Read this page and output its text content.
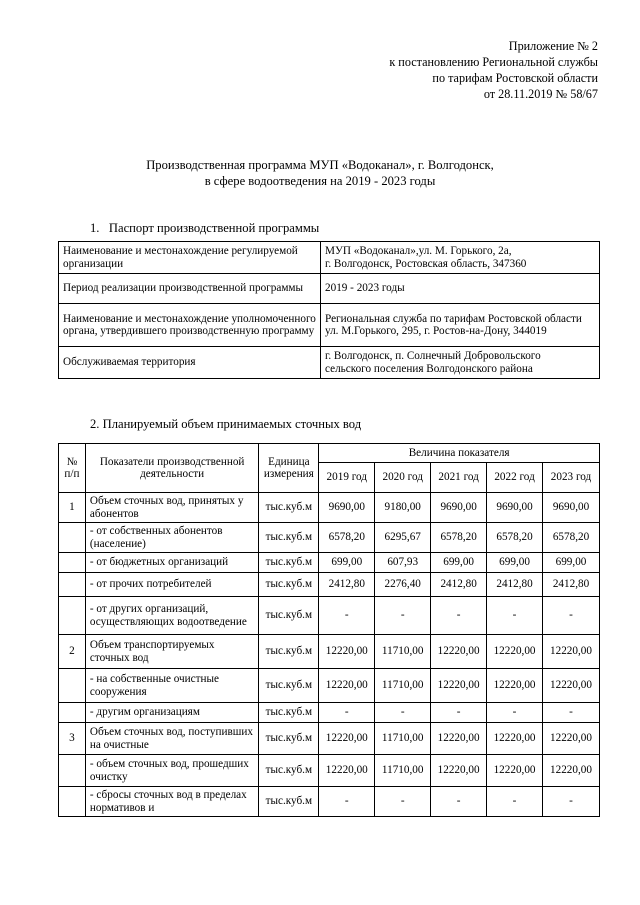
Приложение № 2
к постановлению Региональной службы
по тарифам Ростовской области
от 28.11.2019 № 58/67
Производственная программа МУП «Водоканал», г. Волгодонск,
в сфере водоотведения на 2019 - 2023 годы
1. Паспорт производственной программы
Наименование и местонахождение регулируемой организации	МУП «Водоканал»,ул. М. Горького, 2а,
г. Волгодонск, Ростовская область, 347360

Период реализации производственной программы	2019 - 2023 годы

Наименование и местонахождение уполномоченного органа, утвердившего производственную программу	Региональная служба по тарифам Ростовской области
ул. М.Горького, 295, г. Ростов-на-Дону, 344019

Обслуживаемая территория	г. Волгодонск, п. Солнечный Добровольского
сельского поселения Волгодонского района
2. Планируемый объем принимаемых сточных вод
№ п/п	Показатели производственной деятельности	Единица измерения	Величина показателя				
			2019 год	2020 год	2021 год	2022 год	2023 год
1	Объем сточных вод, принятых у абонентов	тыс.куб.м	9690,00	9180,00	9690,00	9690,00	9690,00

	- от собственных абонентов (население)	тыс.куб.м	6578,20	6295,67	6578,20	6578,20	6578,20

	- от бюджетных организаций	тыс.куб.м	699,00	607,93	699,00	699,00	699,00

	- от прочих потребителей	тыс.куб.м	2412,80	2276,40	2412,80	2412,80	2412,80

	- от других организаций, осуществляющих водоотведение	тыс.куб.м	-	-	-	-	-
2	Объем транспортируемых сточных вод	тыс.куб.м	12220,00	11710,00	12220,00	12220,00	12220,00

	- на собственные очистные сооружения	тыс.куб.м	12220,00	11710,00	12220,00	12220,00	12220,00

	- другим организациям	тыс.куб.м	-	-	-	-	-
3	Объем сточных вод, поступивших на очистные	тыс.куб.м	12220,00	11710,00	12220,00	12220,00	12220,00

	- объем сточных вод, прошедших очистку	тыс.куб.м	12220,00	11710,00	12220,00	12220,00	12220,00

	- сбросы сточных вод в пределах нормативов и	тыс.куб.м	-	-	-	-	-
